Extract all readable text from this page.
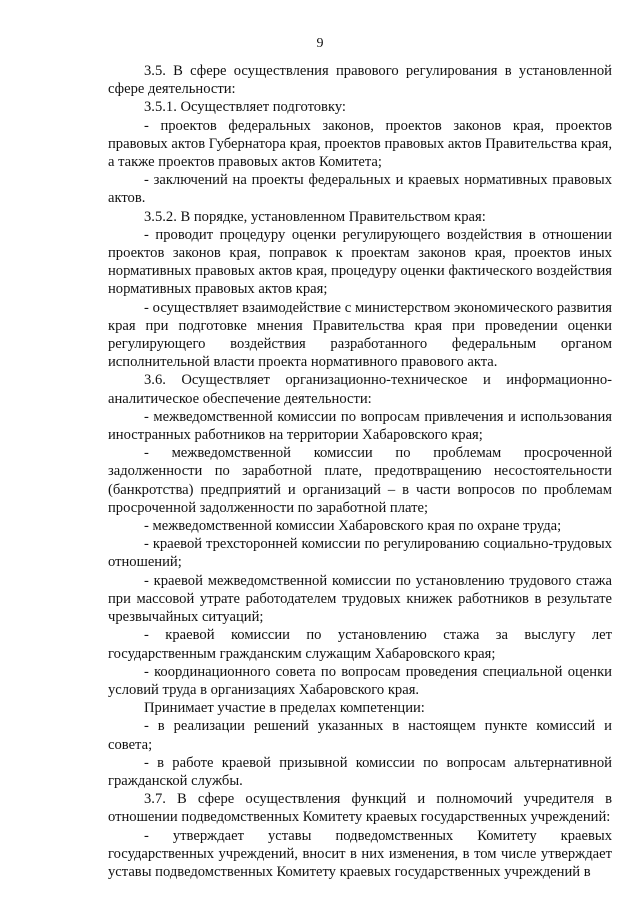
9

3.5. В сфере осуществления правового регулирования в установленной сфере деятельности:

3.5.1. Осуществляет подготовку:

- проектов федеральных законов, проектов законов края, проектов правовых актов Губернатора края, проектов правовых актов Правительства края, а также проектов правовых актов Комитета;

- заключений на проекты федеральных и краевых нормативных правовых актов.

3.5.2. В порядке, установленном Правительством края:

- проводит процедуру оценки регулирующего воздействия в отношении проектов законов края, поправок к проектам законов края, проектов иных нормативных правовых актов края, процедуру оценки фактического воздействия нормативных правовых актов края;

- осуществляет взаимодействие с министерством экономического развития края при подготовке мнения Правительства края при проведении оценки регулирующего воздействия разработанного федеральным органом исполнительной власти проекта нормативного правового акта.

3.6. Осуществляет организационно-техническое и информационно-аналитическое обеспечение деятельности:

- межведомственной комиссии по вопросам привлечения и использования иностранных работников на территории Хабаровского края;

- межведомственной комиссии по проблемам просроченной задолженности по заработной плате, предотвращению несостоятельности (банкротства) предприятий и организаций – в части вопросов по проблемам просроченной задолженности по заработной плате;

- межведомственной комиссии Хабаровского края по охране труда;

- краевой трехсторонней комиссии по регулированию социально-трудовых отношений;

- краевой межведомственной комиссии по установлению трудового стажа при массовой утрате работодателем трудовых книжек работников в результате чрезвычайных ситуаций;

- краевой комиссии по установлению стажа за выслугу лет государственным гражданским служащим Хабаровского края;

- координационного совета по вопросам проведения специальной оценки условий труда в организациях Хабаровского края.

Принимает участие в пределах компетенции:

- в реализации решений указанных в настоящем пункте комиссий и совета;

- в работе краевой призывной комиссии по вопросам альтернативной гражданской службы.

3.7. В сфере осуществления функций и полномочий учредителя в отношении подведомственных Комитету краевых государственных учреждений:

- утверждает уставы подведомственных Комитету краевых государственных учреждений, вносит в них изменения, в том числе утверждает уставы подведомственных Комитету краевых государственных учреждений в
